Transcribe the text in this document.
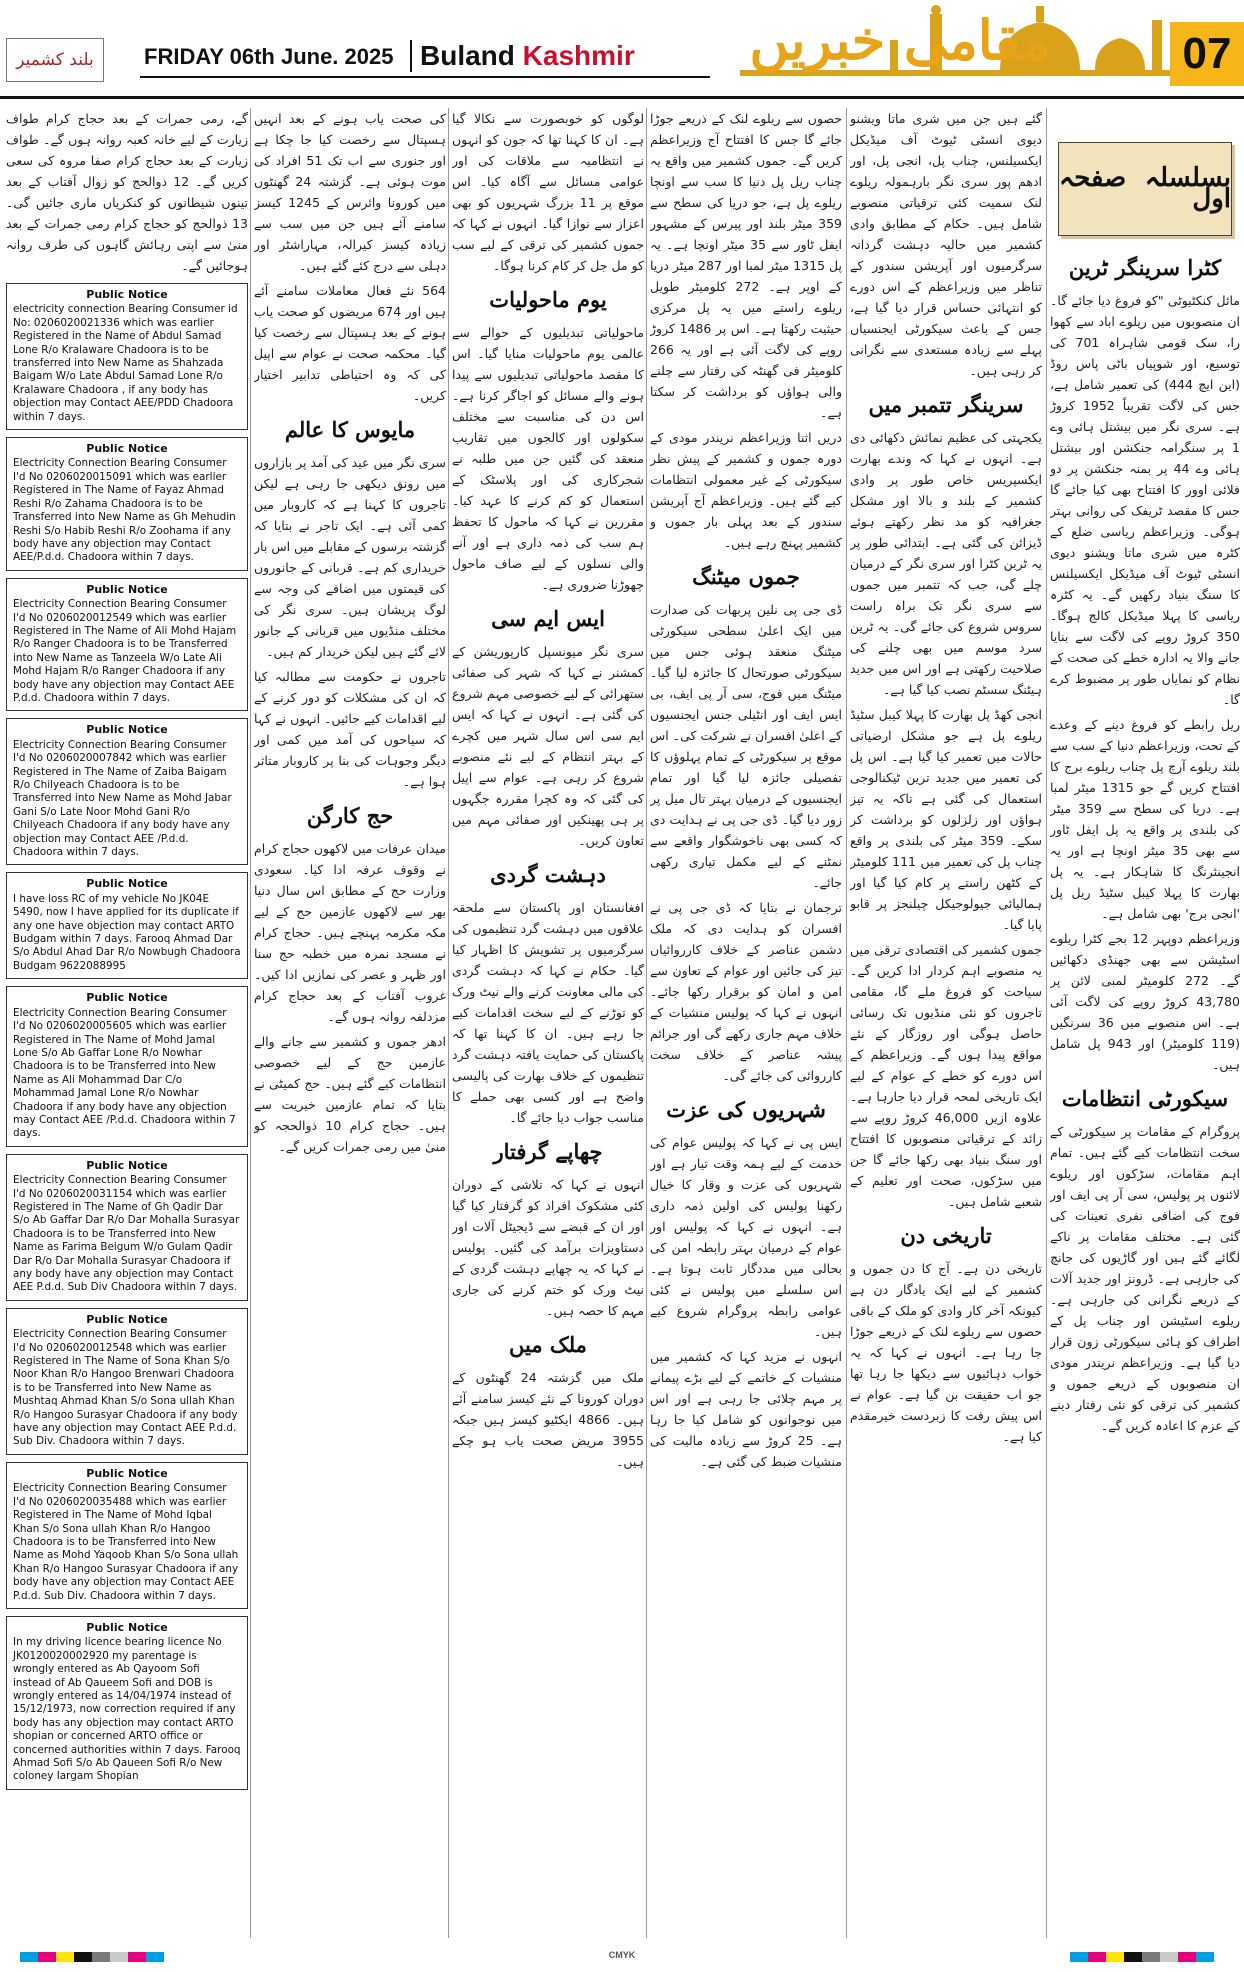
بلند کشمیر	FRIDAY 06th June. 2025 Buland Kashmir	مقامی خبریں	07
بسلسلہ صفحہ اول
کٹرا سرینگر ٹرین

مائل کنکٹیوٹی "کو فروغ دیا جائے گا۔ ان منصوبوں میں ریلوے اباد سے کھوا را، سک قومی شاہراہ 701 کی توسیع، اور شوپیاں باٹی پاس روڈ (این ایچ 444) کی تعمیر شامل ہے، جس کی لاگت تقریباً 1952 کروڑ ہے۔ سری نگر میں بیشتل ہائی وے 1 پر سنگرامہ جنکشن اور بیشتل ہائی وے 44 پر بمنہ جنکشن پر دو فلائی اوور کا افتتاح بھی کیا جائے گا جس کا مقصد ٹریفک کی روانی بہتر ہوگی۔ وزیراعظم ریاسی ضلع کے کٹرہ میں شری ماتا ویشنو دیوی انسٹی ٹیوٹ آف میڈیکل ایکسیلنس کا سنگ بنیاد رکھیں گے۔ یہ کٹرہ ریاسی کا پہلا میڈیکل کالج ہوگا۔ 350 کروڑ روپے کی لاگت سے بنایا جانے والا یہ ادارہ خطے کی صحت کے نظام کو نمایاں طور پر مضبوط کرے گا۔

ریل رابطے کو فروغ دینے کے وعدے کے تحت، وزیراعظم دنیا کے سب سے بلند ریلوے آرچ پل چناب ریلوے برج کا افتتاح کریں گے جو 1315 میٹر لمبا ہے۔ دریا کی سطح سے 359 میٹر کی بلندی پر واقع یہ پل ایفل ٹاور سے بھی 35 میٹر اونچا ہے اور یہ انجینئرنگ کا شاہکار ہے۔ یہ پل بھارت کا پہلا کیبل سٹیڈ ریل پل 'انجی برج' بھی شامل ہے۔

وزیراعظم دوپہر 12 بجے کٹرا ریلوے اسٹیشن سے بھی جھنڈی دکھائیں گے۔ 272 کلومیٹر لمبی لائن پر 43,780 کروڑ روپے کی لاگت آئی ہے۔ اس منصوبے میں 36 سرنگیں (119 کلومیٹر) اور 943 پل شامل ہیں۔

سیکورٹی انتظامات

پروگرام کے مقامات پر سیکورٹی کے سخت انتظامات کیے گئے ہیں۔ تمام اہم مقامات، سڑکوں اور ریلوے لائنوں پر پولیس، سی آر پی ایف اور فوج کی اضافی نفری تعینات کی گئی ہے۔ مختلف مقامات پر ناکے لگائے گئے ہیں اور گاڑیوں کی جانچ کی جارہی ہے۔ ڈرونز اور جدید آلات کے ذریعے نگرانی کی جارہی ہے۔ ریلوے اسٹیشن اور چناب پل کے اطراف کو ہائی سیکورٹی زون قرار دیا گیا ہے۔ وزیراعظم نریندر مودی ان منصوبوں کے ذریعے جموں و کشمیر کی ترقی کو نئی رفتار دینے کے عزم کا اعادہ کریں گے۔

گئے ہیں جن میں شری ماتا ویشنو دیوی انسٹی ٹیوٹ آف میڈیکل ایکسیلنس، چناب پل، انجی پل، اور ادھم پور سری نگر بارہمولہ ریلوے لنک سمیت کئی ترقیاتی منصوبے شامل ہیں۔ حکام کے مطابق وادی کشمیر میں حالیہ دہشت گردانہ سرگرمیوں اور آپریشن سندور کے تناظر میں وزیراعظم کے اس دورے کو انتہائی حساس قرار دیا گیا ہے، جس کے باعث سیکورٹی ایجنسیاں پہلے سے زیادہ مستعدی سے نگرانی کر رہی ہیں۔

سرینگر تتمبر میں

یکجہتی کی عظیم نمائش دکھائی دی ہے۔ انہوں نے کہا کہ وندے بھارت ایکسپریس خاص طور پر وادی کشمیر کے بلند و بالا اور مشکل جغرافیہ کو مد نظر رکھتے ہوئے ڈیزائن کی گئی ہے۔ ابتدائی طور پر یہ ٹرین کٹرا اور سری نگر کے درمیان چلے گی، جب کہ تتمبر میں جموں سے سری نگر تک براہ راست سروس شروع کی جائے گی۔ یہ ٹرین سرد موسم میں بھی چلنے کی صلاحیت رکھتی ہے اور اس میں جدید ہیٹنگ سسٹم نصب کیا گیا ہے۔

انجی کھڈ پل بھارت کا پہلا کیبل سٹیڈ ریلوے پل ہے جو مشکل ارضیاتی حالات میں تعمیر کیا گیا ہے۔ اس پل کی تعمیر میں جدید ترین ٹیکنالوجی استعمال کی گئی ہے تاکہ یہ تیز ہواؤں اور زلزلوں کو برداشت کر سکے۔ 359 میٹر کی بلندی پر واقع چناب پل کی تعمیر میں 111 کلومیٹر کے کٹھن راستے پر کام کیا گیا اور ہمالیائی جیولوجیکل چیلنجز پر قابو پایا گیا۔

جموں کشمیر کی اقتصادی ترقی میں یہ منصوبے اہم کردار ادا کریں گے۔ سیاحت کو فروغ ملے گا، مقامی تاجروں کو نئی منڈیوں تک رسائی حاصل ہوگی اور روزگار کے نئے مواقع پیدا ہوں گے۔ وزیراعظم کے اس دورے کو خطے کے عوام کے لیے ایک تاریخی لمحہ قرار دیا جارہا ہے۔ علاوہ ازیں 46,000 کروڑ روپے سے زائد کے ترقیاتی منصوبوں کا افتتاح اور سنگ بنیاد بھی رکھا جائے گا جن میں سڑکوں، صحت اور تعلیم کے شعبے شامل ہیں۔

تاریخی دن

تاریخی دن ہے۔ آج کا دن جموں و کشمیر کے لیے ایک یادگار دن ہے کیونکہ آخر کار وادی کو ملک کے باقی حصوں سے ریلوے لنک کے ذریعے جوڑا جا رہا ہے۔ انہوں نے کہا کہ یہ خواب دہائیوں سے دیکھا جا رہا تھا جو اب حقیقت بن گیا ہے۔ عوام نے اس پیش رفت کا زبردست خیرمقدم کیا ہے۔

حصوں سے ریلوے لنک کے ذریعے جوڑا جائے گا جس کا افتتاح آج وزیراعظم کریں گے۔ جموں کشمیر میں واقع یہ چناب ریل پل دنیا کا سب سے اونچا ریلوے پل ہے، جو دریا کی سطح سے 359 میٹر بلند اور پیرس کے مشہور ایفل ٹاور سے 35 میٹر اونچا ہے۔ یہ پل 1315 میٹر لمبا اور 287 میٹر دریا کے اوپر ہے۔ 272 کلومیٹر طویل ریلوے راستے میں یہ پل مرکزی حیثیت رکھتا ہے۔ اس پر 1486 کروڑ روپے کی لاگت آئی ہے اور یہ 266 کلومیٹر فی گھنٹہ کی رفتار سے چلنے والی ہواؤں کو برداشت کر سکتا ہے۔

دریں اثنا وزیراعظم نریندر مودی کے دورہ جموں و کشمیر کے پیش نظر سیکورٹی کے غیر معمولی انتظامات کیے گئے ہیں۔ وزیراعظم آج آپریشن سندور کے بعد پہلی بار جموں و کشمیر پہنچ رہے ہیں۔

جموں میٹنگ

ڈی جی پی نلین پربھات کی صدارت میں ایک اعلیٰ سطحی سیکورٹی میٹنگ منعقد ہوئی جس میں سیکورٹی صورتحال کا جائزہ لیا گیا۔ میٹنگ میں فوج، سی آر پی ایف، بی ایس ایف اور انٹیلی جنس ایجنسیوں کے اعلیٰ افسران نے شرکت کی۔ اس موقع پر سیکورٹی کے تمام پہلوؤں کا تفصیلی جائزہ لیا گیا اور تمام ایجنسیوں کے درمیان بہتر تال میل پر زور دیا گیا۔ ڈی جی پی نے ہدایت دی کہ کسی بھی ناخوشگوار واقعے سے نمٹنے کے لیے مکمل تیاری رکھی جائے۔

ترجمان نے بتایا کہ ڈی جی پی نے افسران کو ہدایت دی کہ ملک دشمن عناصر کے خلاف کارروائیاں تیز کی جائیں اور عوام کے تعاون سے امن و امان کو برقرار رکھا جائے۔ انہوں نے کہا کہ پولیس منشیات کے خلاف مہم جاری رکھے گی اور جرائم پیشہ عناصر کے خلاف سخت کارروائی کی جائے گی۔

شہریوں کی عزت

ایس پی نے کہا کہ پولیس عوام کی خدمت کے لیے ہمہ وقت تیار ہے اور شہریوں کی عزت و وقار کا خیال رکھنا پولیس کی اولین ذمہ داری ہے۔ انہوں نے کہا کہ پولیس اور عوام کے درمیان بہتر رابطہ امن کی بحالی میں مددگار ثابت ہوتا ہے۔ اس سلسلے میں پولیس نے کئی عوامی رابطہ پروگرام شروع کیے ہیں۔

انہوں نے مزید کہا کہ کشمیر میں منشیات کے خاتمے کے لیے بڑے پیمانے پر مہم چلائی جا رہی ہے اور اس میں نوجوانوں کو شامل کیا جا رہا ہے۔ 25 کروڑ سے زیادہ مالیت کی منشیات ضبط کی گئی ہے۔

لوگوں کو خوبصورت سے نکالا گیا ہے۔ ان کا کہنا تھا کہ جون کو انہوں نے انتظامیہ سے ملاقات کی اور عوامی مسائل سے آگاہ کیا۔ اس موقع پر 11 بزرگ شہریوں کو بھی اعزاز سے نوازا گیا۔ انہوں نے کہا کہ جموں کشمیر کی ترقی کے لیے سب کو مل جل کر کام کرنا ہوگا۔

یوم ماحولیات

ماحولیاتی تبدیلیوں کے حوالے سے عالمی یوم ماحولیات منایا گیا۔ اس کا مقصد ماحولیاتی تبدیلیوں سے پیدا ہونے والے مسائل کو اجاگر کرنا ہے۔ اس دن کی مناسبت سے مختلف سکولوں اور کالجوں میں تقاریب منعقد کی گئیں جن میں طلبہ نے شجرکاری کی اور پلاسٹک کے استعمال کو کم کرنے کا عہد کیا۔ مقررین نے کہا کہ ماحول کا تحفظ ہم سب کی ذمہ داری ہے اور آنے والی نسلوں کے لیے صاف ماحول چھوڑنا ضروری ہے۔

ایس ایم سی

سری نگر میونسپل کارپوریشن کے کمشنر نے کہا کہ شہر کی صفائی ستھرائی کے لیے خصوصی مہم شروع کی گئی ہے۔ انہوں نے کہا کہ ایس ایم سی اس سال شہر میں کچرے کے بہتر انتظام کے لیے نئے منصوبے شروع کر رہی ہے۔ عوام سے اپیل کی گئی کہ وہ کچرا مقررہ جگہوں پر ہی پھینکیں اور صفائی مہم میں تعاون کریں۔

دہشت گردی

افغانستان اور پاکستان سے ملحقہ علاقوں میں دہشت گرد تنظیموں کی سرگرمیوں پر تشویش کا اظہار کیا گیا۔ حکام نے کہا کہ دہشت گردی کی مالی معاونت کرنے والے نیٹ ورک کو توڑنے کے لیے سخت اقدامات کیے جا رہے ہیں۔ ان کا کہنا تھا کہ پاکستان کی حمایت یافتہ دہشت گرد تنظیموں کے خلاف بھارت کی پالیسی واضح ہے اور کسی بھی حملے کا مناسب جواب دیا جائے گا۔

چھاپے گرفتار

انہوں نے کہا کہ تلاشی کے دوران کئی مشکوک افراد کو گرفتار کیا گیا اور ان کے قبضے سے ڈیجیٹل آلات اور دستاویزات برآمد کی گئیں۔ پولیس نے کہا کہ یہ چھاپے دہشت گردی کے نیٹ ورک کو ختم کرنے کی جاری مہم کا حصہ ہیں۔

ملک میں

ملک میں گزشتہ 24 گھنٹوں کے دوران کورونا کے نئے کیسز سامنے آئے ہیں۔ 4866 ایکٹیو کیسز ہیں جبکہ 3955 مریض صحت یاب ہو چکے ہیں۔

کی صحت یاب ہونے کے بعد انہیں ہسپتال سے رخصت کیا جا چکا ہے اور جنوری سے اب تک 51 افراد کی موت ہوئی ہے۔ گزشتہ 24 گھنٹوں میں کورونا وائرس کے 1245 کیسز سامنے آئے ہیں جن میں سب سے زیادہ کیسز کیرالہ، مہاراشٹر اور دہلی سے درج کئے گئے ہیں۔

564 نئے فعال معاملات سامنے آئے ہیں اور 674 مریضوں کو صحت یاب ہونے کے بعد ہسپتال سے رخصت کیا گیا۔ محکمہ صحت نے عوام سے اپیل کی کہ وہ احتیاطی تدابیر اختیار کریں۔

مایوس کا عالم

سری نگر میں عید کی آمد پر بازاروں میں رونق دیکھی جا رہی ہے لیکن تاجروں کا کہنا ہے کہ کاروبار میں کمی آئی ہے۔ ایک تاجر نے بتایا کہ گزشتہ برسوں کے مقابلے میں اس بار خریداری کم ہے۔ قربانی کے جانوروں کی قیمتوں میں اضافے کی وجہ سے لوگ پریشان ہیں۔ سری نگر کی مختلف منڈیوں میں قربانی کے جانور لائے گئے ہیں لیکن خریدار کم ہیں۔

تاجروں نے حکومت سے مطالبہ کیا کہ ان کی مشکلات کو دور کرنے کے لیے اقدامات کیے جائیں۔ انہوں نے کہا کہ سیاحوں کی آمد میں کمی اور دیگر وجوہات کی بنا پر کاروبار متاثر ہوا ہے۔

حج کارگن

میدان عرفات میں لاکھوں حجاج کرام نے وقوف عرفہ ادا کیا۔ سعودی وزارت حج کے مطابق اس سال دنیا بھر سے لاکھوں عازمین حج کے لیے مکہ مکرمہ پہنچے ہیں۔ حجاج کرام نے مسجد نمرہ میں خطبہ حج سنا اور ظہر و عصر کی نمازیں ادا کیں۔ غروب آفتاب کے بعد حجاج کرام مزدلفہ روانہ ہوں گے۔

ادھر جموں و کشمیر سے جانے والے عازمین حج کے لیے خصوصی انتظامات کیے گئے ہیں۔ حج کمیٹی نے بتایا کہ تمام عازمین خیریت سے ہیں۔ حجاج کرام 10 ذوالحجہ کو منیٰ میں رمی جمرات کریں گے۔

گے، رمی جمرات کے بعد حجاج کرام طواف زیارت کے لیے خانہ کعبہ روانہ ہوں گے۔ طواف زیارت کے بعد حجاج کرام صفا مروہ کی سعی کریں گے۔ 12 ذوالحج کو زوال آفتاب کے بعد تینوں شیطانوں کو کنکریاں ماری جائیں گی۔ 13 ذوالحج کو حجاج کرام رمی جمرات کے بعد منیٰ سے اپنی رہائش گاہوں کی طرف روانہ ہوجائیں گے۔

Public Notice
electricity connection Bearing Consumer id No: 0206020021336 which was earlier Registered in the Name of Abdul Samad Lone R/o Kralaware Chadoora is to be transferred into New Name as Shahzada Baigam W/o Late Abdul Samad Lone R/o Kralaware Chadoora , if any body has objection may Contact AEE/PDD Chadoora within 7 days.
Public Notice
Electricity Connection Bearing Consumer I'd No 0206020015091 which was earlier Registered in The Name of Fayaz Ahmad Reshi R/o Zahama Chadoora is to be Transferred into New Name as Gh Mehudin Reshi S/o Habib Reshi R/o Zoohama if any body have any objection may Contact AEE/P.d.d. Chadoora within 7 days.
Public Notice
Electricity Connection Bearing Consumer I'd No 0206020012549 which was earlier Registered in The Name of Ali Mohd Hajam R/o Ranger Chadoora is to be Transferred into New Name as Tanzeela W/o Late Ali Mohd Hajam R/o Ranger Chadoora if any body have any objection may Contact AEE P.d.d. Chadoora within 7 days.
Public Notice
Electricity Connection Bearing Consumer I'd No 0206020007842 which was earlier Registered in The Name of Zaiba Baigam R/o Chilyeach Chadoora is to be Transferred into New Name as Mohd Jabar Gani S/o Late Noor Mohd Gani R/o Chilyeach Chadoora if any body have any objection may Contact AEE /P.d.d. Chadoora within 7 days.
Public Notice
I have loss RC of my vehicle No JK04E 5490, now I have applied for its duplicate if any one have objection may contact ARTO Budgam within 7 days. Farooq Ahmad Dar S/o Abdul Ahad Dar R/o Nowbugh Chadoora Budgam 9622088995
Public Notice
Electricity Connection Bearing Consumer I'd No 0206020005605 which was earlier Registered in The Name of Mohd Jamal Lone S/o Ab Gaffar Lone R/o Nowhar Chadoora is to be Transferred into New Name as Ali Mohammad Dar C/o Mohammad Jamal Lone R/o Nowhar Chadoora if any body have any objection may Contact AEE /P.d.d. Chadoora within 7 days.
Public Notice
Electricity Connection Bearing Consumer I'd No 0206020031154 which was earlier Registered in The Name of Gh Qadir Dar S/o Ab Gaffar Dar R/o Dar Mohalla Surasyar Chadoora is to be Transferred into New Name as Farima Beigum W/o Gulam Qadir Dar R/o Dar Mohalla Surasyar Chadoora if any body have any objection may Contact AEE P.d.d. Sub Div Chadoora within 7 days.
Public Notice
Electricity Connection Bearing Consumer I'd No 0206020012548 which was earlier Registered in The Name of Sona Khan S/o Noor Khan R/o Hangoo Brenwari Chadoora is to be Transferred into New Name as Mushtaq Ahmad Khan S/o Sona ullah Khan R/o Hangoo Surasyar Chadoora if any body have any objection may Contact AEE P.d.d. Sub Div. Chadoora within 7 days.
Public Notice
Electricity Connection Bearing Consumer I'd No 0206020035488 which was earlier Registered in The Name of Mohd Iqbal Khan S/o Sona ullah Khan R/o Hangoo Chadoora is to be Transferred into New Name as Mohd Yaqoob Khan S/o Sona ullah Khan R/o Hangoo Surasyar Chadoora if any body have any objection may Contact AEE P.d.d. Sub Div. Chadoora within 7 days.
Public Notice
In my driving licence bearing licence No JK0120020002920 my parentage is wrongly entered as Ab Qayoom Sofi instead of Ab Qaueem Sofi and DOB is wrongly entered as 14/04/1974 instead of 15/12/1973, now correction required if any body has any objection may contact ARTO shopian or concerned ARTO office or concerned authorities within 7 days. Farooq Ahmad Sofi S/o Ab Qaueen Sofi R/o New coloney Iargam Shopian
CMYK
